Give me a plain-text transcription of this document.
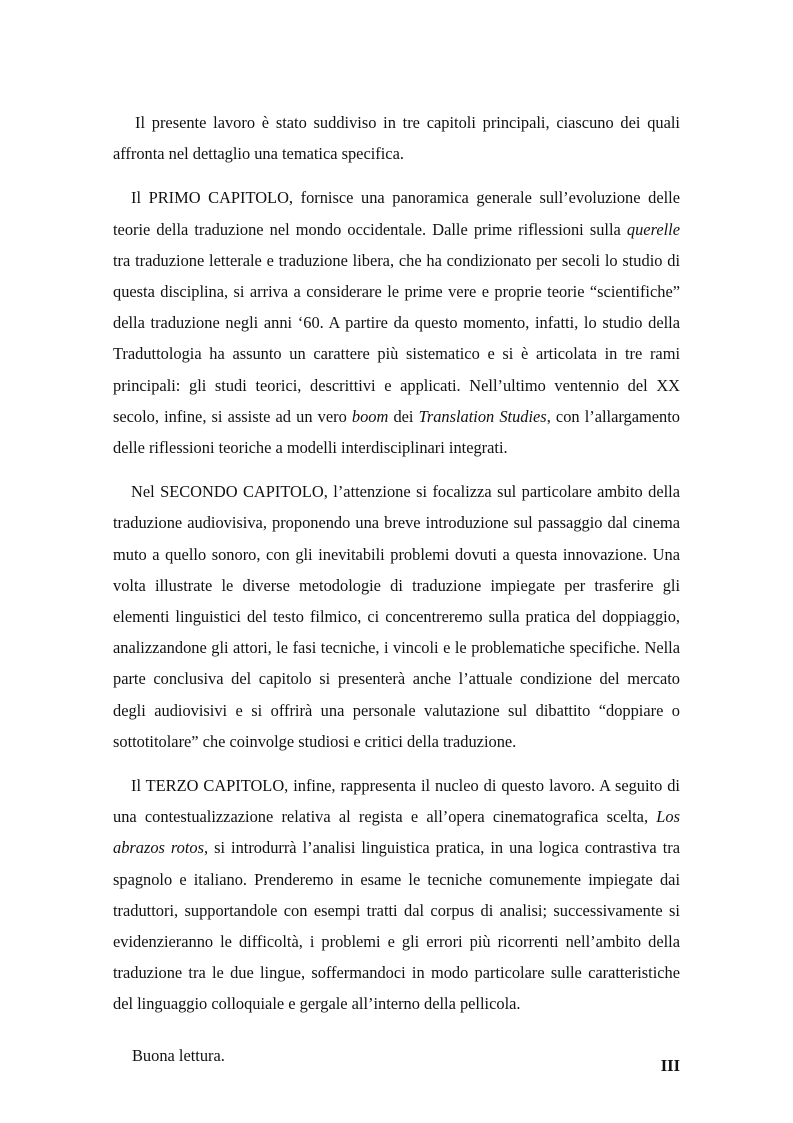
Il presente lavoro è stato suddiviso in tre capitoli principali, ciascuno dei quali affronta nel dettaglio una tematica specifica.

Il PRIMO CAPITOLO, fornisce una panoramica generale sull’evoluzione delle teorie della traduzione nel mondo occidentale. Dalle prime riflessioni sulla querelle tra traduzione letterale e traduzione libera, che ha condizionato per secoli lo studio di questa disciplina, si arriva a considerare le prime vere e proprie teorie “scientifiche” della traduzione negli anni ‘60. A partire da questo momento, infatti, lo studio della Traduttologia ha assunto un carattere più sistematico e si è articolata in tre rami principali: gli studi teorici, descrittivi e applicati. Nell’ultimo ventennio del XX secolo, infine, si assiste ad un vero boom dei Translation Studies, con l’allargamento delle riflessioni teoriche a modelli interdisciplinari integrati.

Nel SECONDO CAPITOLO, l’attenzione si focalizza sul particolare ambito della traduzione audiovisiva, proponendo una breve introduzione sul passaggio dal cinema muto a quello sonoro, con gli inevitabili problemi dovuti a questa innovazione. Una volta illustrate le diverse metodologie di traduzione impiegate per trasferire gli elementi linguistici del testo filmico, ci concentreremo sulla pratica del doppiaggio, analizzandone gli attori, le fasi tecniche, i vincoli e le problematiche specifiche. Nella parte conclusiva del capitolo si presenterà anche l’attuale condizione del mercato degli audiovisivi e si offrirà una personale valutazione sul dibattito “doppiare o sottotitolare” che coinvolge studiosi e critici della traduzione.

Il TERZO CAPITOLO, infine, rappresenta il nucleo di questo lavoro. A seguito di una contestualizzazione relativa al regista e all’opera cinematografica scelta, Los abrazos rotos, si introdurrà l’analisi linguistica pratica, in una logica contrastiva tra spagnolo e italiano. Prenderemo in esame le tecniche comunemente impiegate dai traduttori, supportandole con esempi tratti dal corpus di analisi; successivamente si evidenzieranno le difficoltà, i problemi e gli errori più ricorrenti nell’ambito della traduzione tra le due lingue, soffermandoci in modo particolare sulle caratteristiche del linguaggio colloquiale e gergale all’interno della pellicola.

Buona lettura.

III
